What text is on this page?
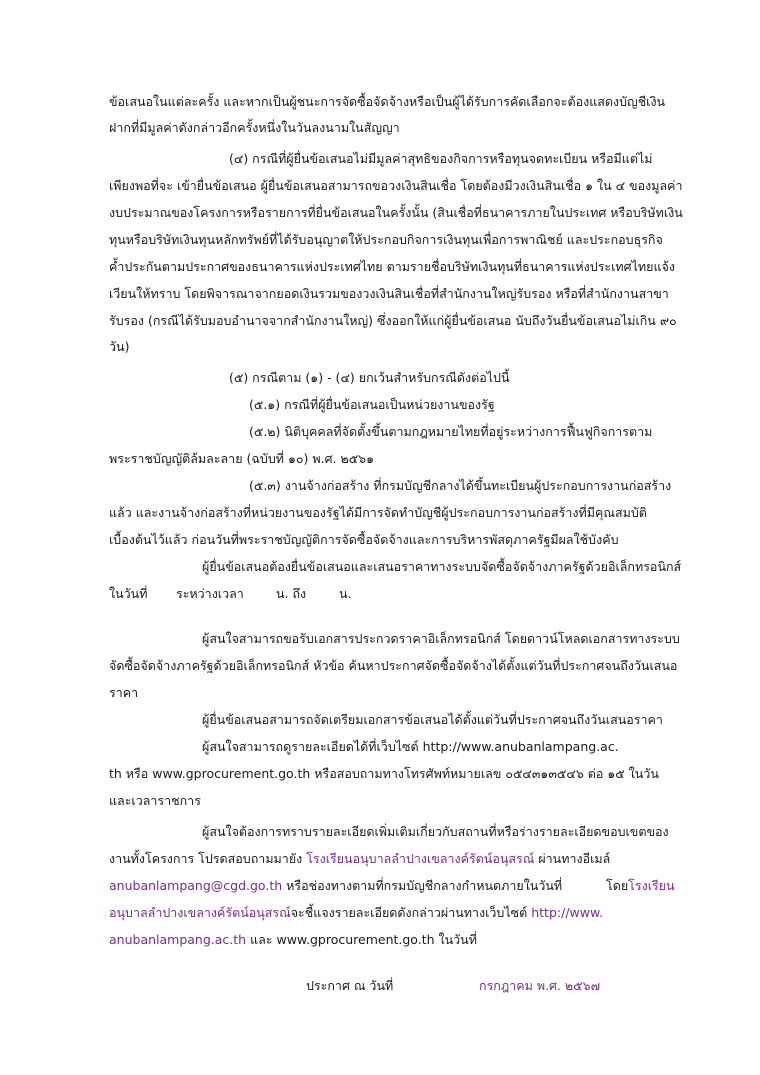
ข้อเสนอในแต่ละครั้ง และหากเป็นผู้ชนะการจัดซื้อจัดจ้างหรือเป็นผู้ได้รับการคัดเลือกจะต้องแสดงบัญชีเงิน
ฝากที่มีมูลค่าดังกล่าวอีกครั้งหนึ่งในวันลงนามในสัญญา
(๔) กรณีที่ผู้ยื่นข้อเสนอไม่มีมูลค่าสุทธิของกิจการหรือทุนจดทะเบียน หรือมีแต่ไม่
เพียงพอที่จะ เข้ายื่นข้อเสนอ ผู้ยื่นข้อเสนอสามารถขอวงเงินสินเชื่อ โดยต้องมีวงเงินสินเชื่อ ๑ ใน ๔ ของมูลค่า
งบประมาณของโครงการหรือรายการที่ยื่นข้อเสนอในครั้งนั้น (สินเชื่อที่ธนาคารภายในประเทศ หรือบริษัทเงิน
ทุนหรือบริษัทเงินทุนหลักทรัพย์ที่ได้รับอนุญาตให้ประกอบกิจการเงินทุนเพื่อการพาณิชย์ และประกอบธุรกิจ
ค้ำประกันตามประกาศของธนาคารแห่งประเทศไทย ตามรายชื่อบริษัทเงินทุนที่ธนาคารแห่งประเทศไทยแจ้ง
เวียนให้ทราบ โดยพิจารณาจากยอดเงินรวมของวงเงินสินเชื่อที่สำนักงานใหญ่รับรอง หรือที่สำนักงานสาขา
รับรอง (กรณีได้รับมอบอำนาจจากสำนักงานใหญ่) ซึ่งออกให้แก่ผู้ยื่นข้อเสนอ นับถึงวันยื่นข้อเสนอไม่เกิน ๙๐
วัน)
(๕) กรณีตาม (๑) - (๔) ยกเว้นสำหรับกรณีดังต่อไปนี้
(๕.๑) กรณีที่ผู้ยื่นข้อเสนอเป็นหน่วยงานของรัฐ
(๕.๒) นิติบุคคลที่จัดตั้งขึ้นตามกฎหมายไทยที่อยู่ระหว่างการฟื้นฟูกิจการตาม
พระราชบัญญัติล้มละลาย (ฉบับที่ ๑๐) พ.ศ. ๒๕๖๑
(๕.๓) งานจ้างก่อสร้าง ที่กรมบัญชีกลางได้ขึ้นทะเบียนผู้ประกอบการงานก่อสร้าง
แล้ว และงานจ้างก่อสร้างที่หน่วยงานของรัฐได้มีการจัดทำบัญชีผู้ประกอบการงานก่อสร้างที่มีคุณสมบัติ
เบื้องต้นไว้แล้ว ก่อนวันที่พระราชบัญญัติการจัดซื้อจัดจ้างและการบริหารพัสดุภาครัฐมีผลใช้บังคับ
ผู้ยื่นข้อเสนอต้องยื่นข้อเสนอและเสนอราคาทางระบบจัดซื้อจัดจ้างภาครัฐด้วยอิเล็กทรอนิกส์
ในวันที่ ระหว่างเวลา	น. ถึง	น.
ผู้สนใจสามารถขอรับเอกสารประกวดราคาอิเล็กทรอนิกส์ โดยดาวน์โหลดเอกสารทางระบบ
จัดซื้อจัดจ้างภาครัฐด้วยอิเล็กทรอนิกส์ หัวข้อ ค้นหาประกาศจัดซื้อจัดจ้างได้ตั้งแต่วันที่ประกาศจนถึงวันเสนอ
ราคา
ผู้ยื่นข้อเสนอสามารถจัดเตรียมเอกสารข้อเสนอได้ตั้งแต่วันที่ประกาศจนถึงวันเสนอราคา
ผู้สนใจสามารถดูรายละเอียดได้ที่เว็บไซต์ http://www.anubanlampang.ac.
th หรือ www.gprocurement.go.th หรือสอบถามทางโทรศัพท์หมายเลข ๐๕๔๓๑๓๕๔๖ ต่อ ๑๕ ในวัน
และเวลาราชการ
ผู้สนใจต้องการทราบรายละเอียดเพิ่มเติมเกี่ยวกับสถานที่หรือร่างรายละเอียดขอบเขตของ
งานทั้งโครงการ โปรดสอบถามมายัง โรงเรียนอนุบาลลำปางเขลางค์รัตน์อนุสรณ์ ผ่านทางอีเมล์
anubanlampang@cgd.go.th หรือช่องทางตามที่กรมบัญชีกลางกำหนดภายในวันที่	โดยโรงเรียน
อนุบาลลำปางเขลางค์รัตน์อนุสรณ์จะชี้แจงรายละเอียดดังกล่าวผ่านทางเว็บไซต์ http://www.
anubanlampang.ac.th และ www.gprocurement.go.th ในวันที่
ประกาศ ณ วันที่	กรกฎาคม พ.ศ. ๒๕๖๗
